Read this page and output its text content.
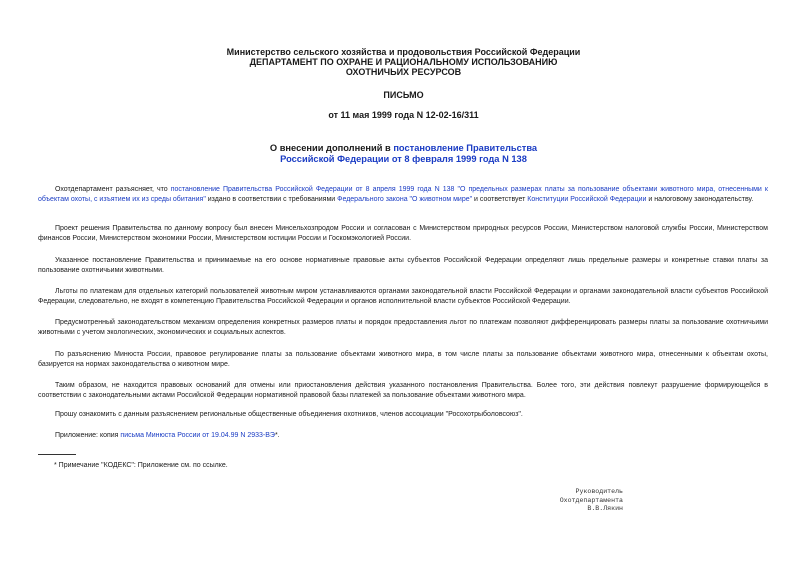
Министерство сельского хозяйства и продовольствия Российской Федерации
ДЕПАРТАМЕНТ ПО ОХРАНЕ И РАЦИОНАЛЬНОМУ ИСПОЛЬЗОВАНИЮ
ОХОТНИЧЬИХ РЕСУРСОВ
ПИСЬМО
от 11 мая 1999 года N 12-02-16/311
О внесении дополнений в постановление Правительства
Российской Федерации от 8 февраля 1999 года N 138
Охотдепартамент разъясняет, что постановление Правительства Российской Федерации от 8 апреля 1999 года N 138 "О предельных размерах платы за пользование объектами животного мира, отнесенными к объектам охоты, с изъятием их из среды обитания" издано в соответствии с требованиями Федерального закона "О животном мире" и соответствует Конституции Российской Федерации и налоговому законодательству.
Проект решения Правительства по данному вопросу был внесен Минсельхозпродом России и согласован с Министерством природных ресурсов России, Министерством налоговой службы России, Министерством финансов России, Министерством экономики России, Министерством юстиции России и Госкомэкологией России.
Указанное постановление Правительства и принимаемые на его основе нормативные правовые акты субъектов Российской Федерации определяют лишь предельные размеры и конкретные ставки платы за пользование охотничьими животными.
Льготы по платежам для отдельных категорий пользователей животным миром устанавливаются органами законодательной власти Российской Федерации и органами законодательной власти субъектов Российской Федерации, следовательно, не входят в компетенцию Правительства Российской Федерации и органов исполнительной власти субъектов Российской Федерации.
Предусмотренный законодательством механизм определения конкретных размеров платы и порядок предоставления льгот по платежам позволяют дифференцировать размеры платы за пользование охотничьими животными с учетом экологических, экономических и социальных аспектов.
По разъяснению Минюста России, правовое регулирование платы за пользование объектами животного мира, в том числе платы за пользование объектами животного мира, отнесенными к объектам охоты, базируется на нормах законодательства о животном мире.
Таким образом, не находится правовых оснований для отмены или приостановления действия указанного постановления Правительства. Более того, эти действия повлекут разрушение формирующейся в соответствии с законодательными актами Российской Федерации нормативной правовой базы платежей за пользование объектами животного мира.
Прошу ознакомить с данным разъяснением региональные общественные объединения охотников, членов ассоциации "Росохотрыболовсоюз".
Приложение: копия письма Минюста России от 19.04.99 N 2933-ВЭ*.
* Примечание "КОДЕКС": Приложение см. по ссылке.
Руководитель
Охотдепартамента
В.В.Лякин
